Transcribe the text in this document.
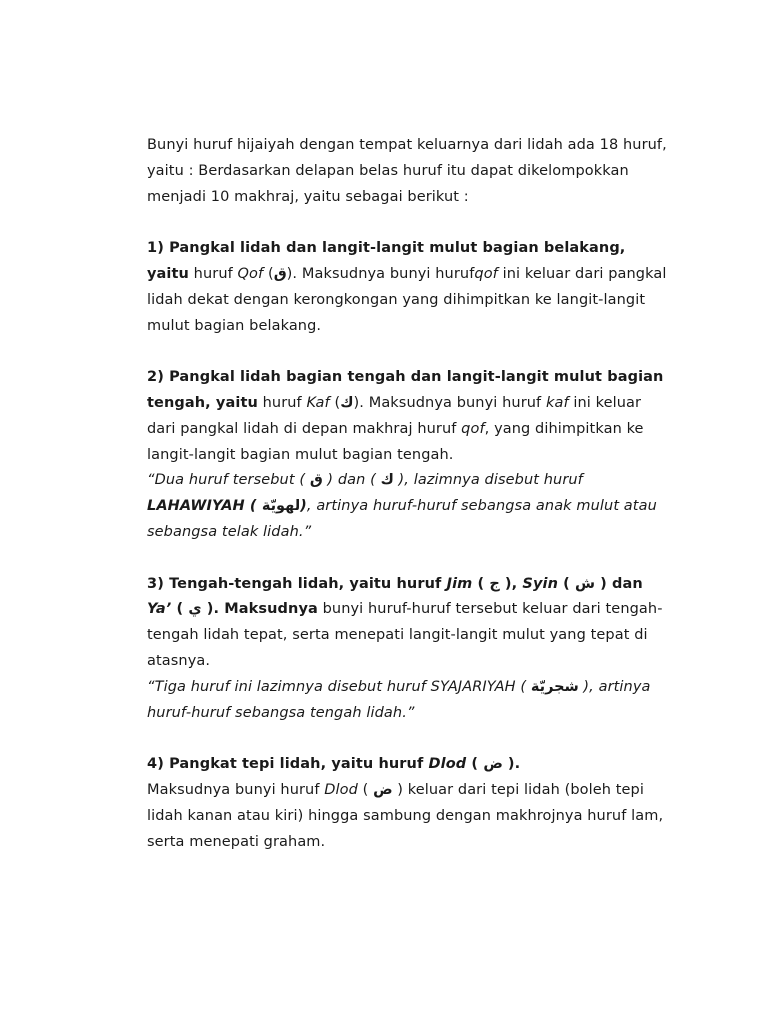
Bunyi huruf hijaiyah dengan tempat keluarnya dari lidah ada 18 huruf, yaitu : Berdasarkan delapan belas huruf itu dapat dikelompokkan menjadi 10 makhraj, yaitu sebagai berikut :

1) Pangkal lidah dan langit-langit mulut bagian belakang, yaitu huruf Qof (ق). Maksudnya bunyi hurufqof ini keluar dari pangkal lidah dekat dengan kerongkongan yang dihimpitkan ke langit-langit mulut bagian belakang.

2) Pangkal lidah bagian tengah dan langit-langit mulut bagian tengah, yaitu huruf Kaf (ك). Maksudnya bunyi huruf kaf ini keluar dari pangkal lidah di depan makhraj huruf qof, yang dihimpitkan ke langit-langit bagian mulut bagian tengah.

“Dua huruf tersebut ( ق ) dan ( ك ), lazimnya disebut huruf LAHAWIYAH ( لهويّة), artinya huruf-huruf sebangsa anak mulut atau sebangsa telak lidah.”

3) Tengah-tengah lidah, yaitu huruf Jim ( ج ), Syin ( ش ) dan Ya’ ( ي ). Maksudnya bunyi huruf-huruf tersebut keluar dari tengah-tengah lidah tepat, serta menepati langit-langit mulut yang tepat di atasnya.

“Tiga huruf ini lazimnya disebut huruf SYAJARIYAH ( شجريّة ), artinya huruf-huruf sebangsa tengah lidah.”

4) Pangkat tepi lidah, yaitu huruf Dlod ( ض ).

Maksudnya bunyi huruf Dlod ( ض ) keluar dari tepi lidah (boleh tepi lidah kanan atau kiri) hingga sambung dengan makhrojnya huruf lam, serta menepati graham.
